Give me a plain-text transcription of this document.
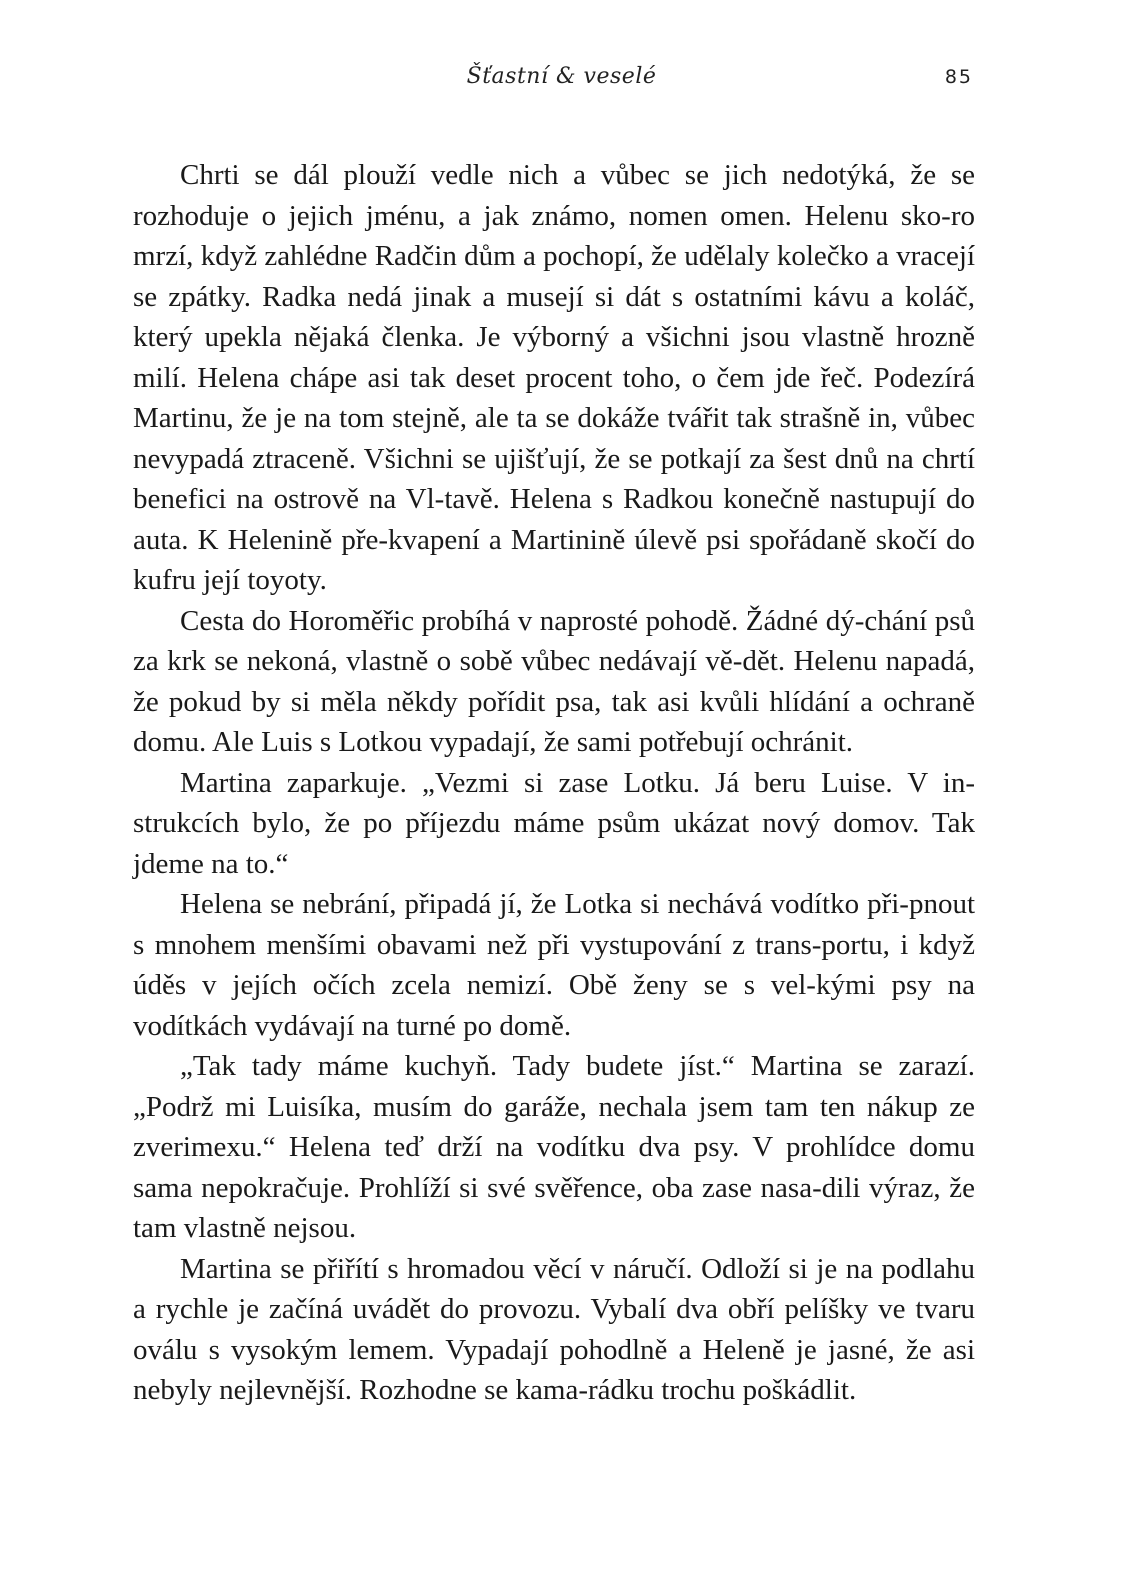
Šťastní & veselé	85

Chrti se dál plouží vedle nich a vůbec se jich nedotýká, že se rozhoduje o jejich jménu, a jak známo, nomen omen. Helenu sko-ro mrzí, když zahlédne Radčin dům a pochopí, že udělaly kolečko a vracejí se zpátky. Radka nedá jinak a musejí si dát s ostatními kávu a koláč, který upekla nějaká členka. Je výborný a všichni jsou vlastně hrozně milí. Helena chápe asi tak deset procent toho, o čem jde řeč. Podezírá Martinu, že je na tom stejně, ale ta se dokáže tvářit tak strašně in, vůbec nevypadá ztraceně. Všichni se ujišťují, že se potkají za šest dnů na chrtí benefici na ostrově na Vl-tavě. Helena s Radkou konečně nastupují do auta. K Helenině pře-kvapení a Martinině úlevě psi spořádaně skočí do kufru její toyoty.

Cesta do Horoměřic probíhá v naprosté pohodě. Žádné dý-chání psů za krk se nekoná, vlastně o sobě vůbec nedávají vě-dět. Helenu napadá, že pokud by si měla někdy pořídit psa, tak asi kvůli hlídání a ochraně domu. Ale Luis s Lotkou vypadají, že sami potřebují ochránit.

Martina zaparkuje. „Vezmi si zase Lotku. Já beru Luise. V in-strukcích bylo, že po příjezdu máme psům ukázat nový domov. Tak jdeme na to.“

Helena se nebrání, připadá jí, že Lotka si nechává vodítko při-pnout s mnohem menšími obavami než při vystupování z trans-portu, i když úděs v jejích očích zcela nemizí. Obě ženy se s vel-kými psy na vodítkách vydávají na turné po domě.

„Tak tady máme kuchyň. Tady budete jíst.“ Martina se zarazí. „Podrž mi Luisíka, musím do garáže, nechala jsem tam ten nákup ze zverimexu.“ Helena teď drží na vodítku dva psy. V prohlídce domu sama nepokračuje. Prohlíží si své svěřence, oba zase nasa-dili výraz, že tam vlastně nejsou.

Martina se přiřítí s hromadou věcí v náručí. Odloží si je na podlahu a rychle je začíná uvádět do provozu. Vybalí dva obří pelíšky ve tvaru oválu s vysokým lemem. Vypadají pohodlně a Heleně je jasné, že asi nebyly nejlevnější. Rozhodne se kama-rádku trochu poškádlit.
